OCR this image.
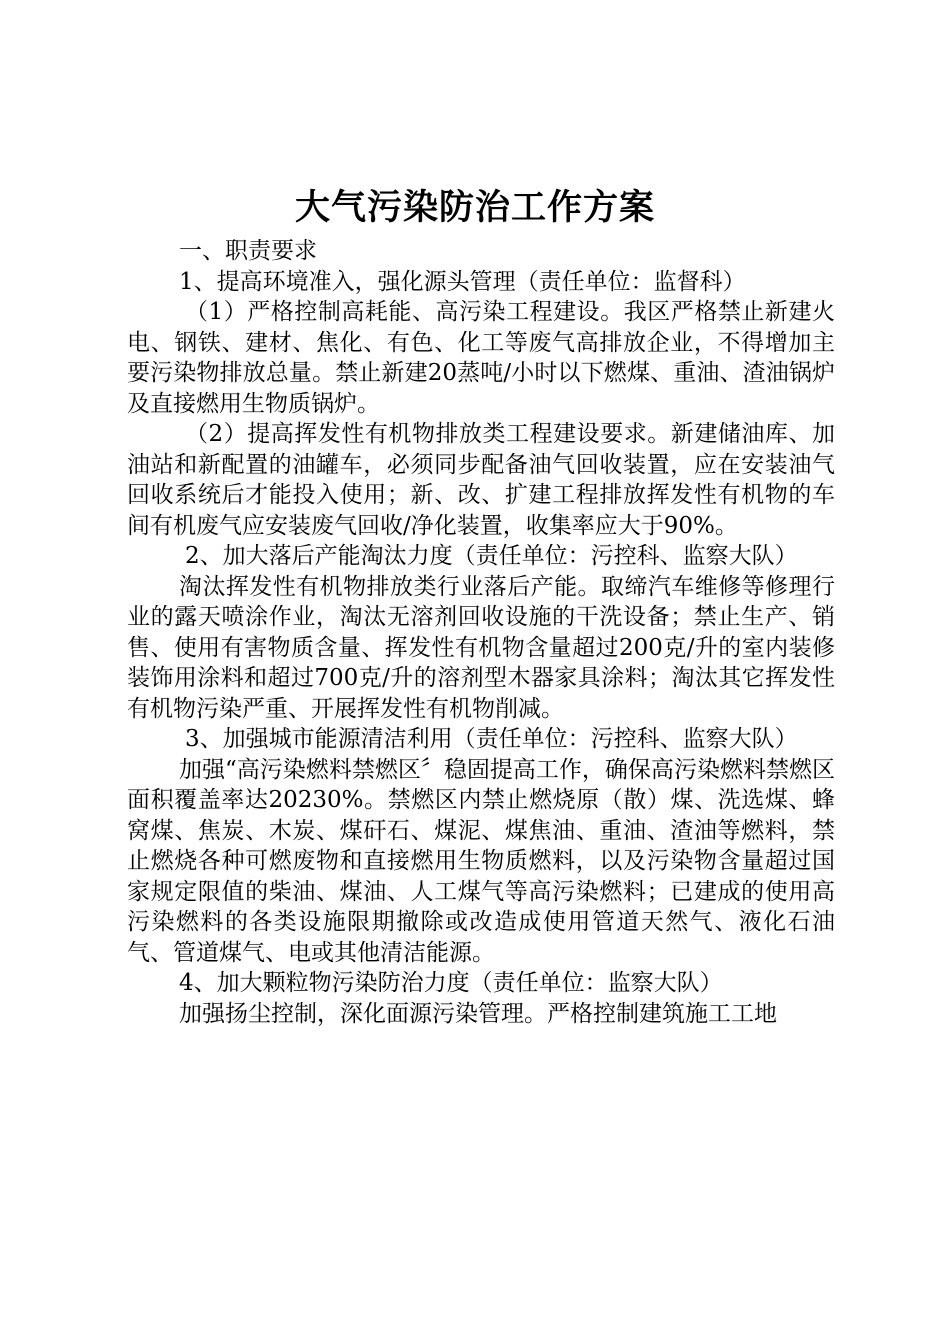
大气污染防治工作方案

一、职责要求

1、提高环境准入，强化源头管理（责任单位：监督科）

（1）严格控制高耗能、高污染工程建设。我区严格禁止新建火电、钢铁、建材、焦化、有色、化工等废气高排放企业，不得增加主要污染物排放总量。禁止新建20蒸吨/小时以下燃煤、重油、渣油锅炉及直接燃用生物质锅炉。

（2）提高挥发性有机物排放类工程建设要求。新建储油库、加油站和新配置的油罐车，必须同步配备油气回收装置，应在安装油气回收系统后才能投入使用；新、改、扩建工程排放挥发性有机物的车间有机废气应安装废气回收/净化装置，收集率应大于90%。

2、加大落后产能淘汰力度（责任单位：污控科、监察大队）

淘汰挥发性有机物排放类行业落后产能。取缔汽车维修等修理行业的露天喷涂作业，淘汰无溶剂回收设施的干洗设备；禁止生产、销售、使用有害物质含量、挥发性有机物含量超过200克/升的室内装修装饰用涂料和超过700克/升的溶剂型木器家具涂料；淘汰其它挥发性有机物污染严重、开展挥发性有机物削减。

3、加强城市能源清洁利用（责任单位：污控科、监察大队）

加强“高污染燃料禁燃区〞稳固提高工作，确保高污染燃料禁燃区面积覆盖率达20230%。禁燃区内禁止燃烧原（散）煤、洗选煤、蜂窝煤、焦炭、木炭、煤矸石、煤泥、煤焦油、重油、渣油等燃料，禁止燃烧各种可燃废物和直接燃用生物质燃料，以及污染物含量超过国家规定限值的柴油、煤油、人工煤气等高污染燃料；已建成的使用高污染燃料的各类设施限期撤除或改造成使用管道天然气、液化石油气、管道煤气、电或其他清洁能源。

4、加大颗粒物污染防治力度（责任单位：监察大队）

加强扬尘控制，深化面源污染管理。严格控制建筑施工工地
